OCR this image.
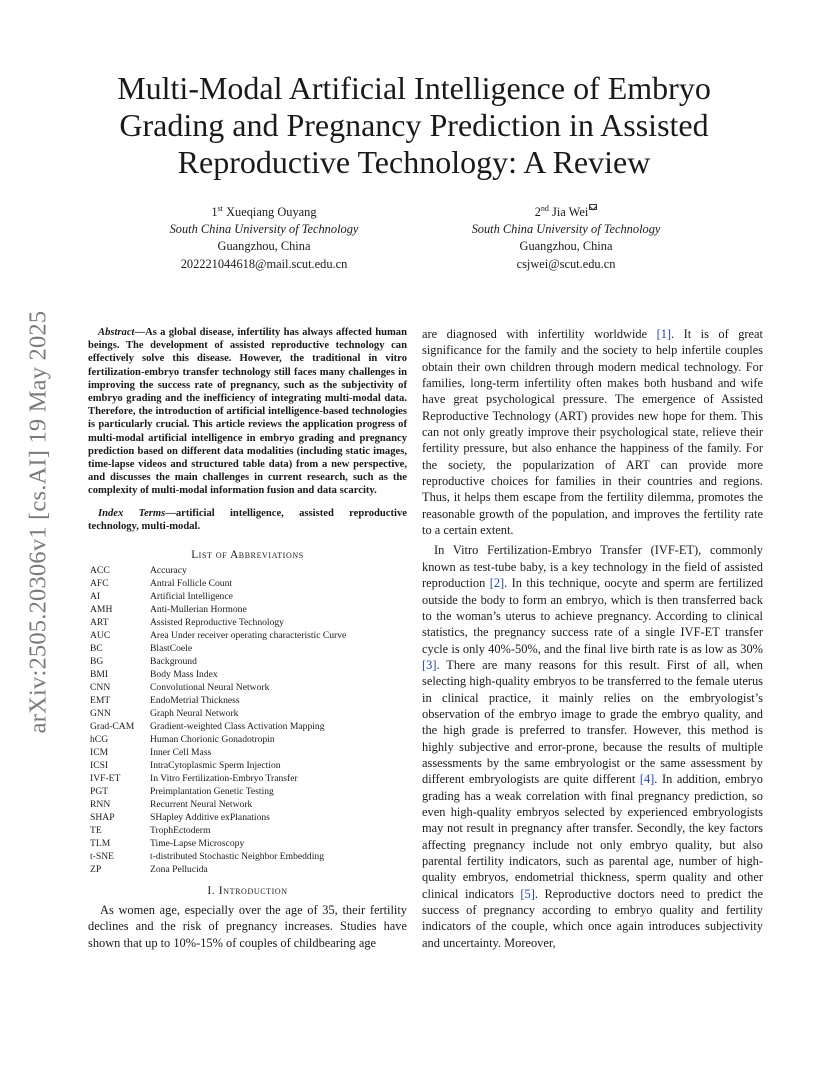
arXiv:2505.20306v1 [cs.AI] 19 May 2025
Multi-Modal Artificial Intelligence of Embryo Grading and Pregnancy Prediction in Assisted Reproductive Technology: A Review
1st Xueqiang Ouyang
South China University of Technology
Guangzhou, China
202221044618@mail.scut.edu.cn
2nd Jia Wei
South China University of Technology
Guangzhou, China
csjwei@scut.edu.cn

Abstract—As a global disease, infertility has always affected human beings. The development of assisted reproductive technology can effectively solve this disease. However, the traditional in vitro fertilization-embryo transfer technology still faces many challenges in improving the success rate of pregnancy, such as the subjectivity of embryo grading and the inefficiency of integrating multi-modal data. Therefore, the introduction of artificial intelligence-based technologies is particularly crucial. This article reviews the application progress of multi-modal artificial intelligence in embryo grading and pregnancy prediction based on different data modalities (including static images, time-lapse videos and structured table data) from a new perspective, and discusses the main challenges in current research, such as the complexity of multi-modal information fusion and data scarcity.

Index Terms—artificial intelligence, assisted reproductive technology, multi-modal.

List of Abbreviations
ACC	Accuracy
AFC	Antral Follicle Count
AI	Artificial Intelligence
AMH	Anti-Mullerian Hormone
ART	Assisted Reproductive Technology
AUC	Area Under receiver operating characteristic Curve
BC	BlastCoele
BG	Background
BMI	Body Mass Index
CNN	Convolutional Neural Network
EMT	EndoMetrial Thickness
GNN	Graph Neural Network
Grad-CAM	Gradient-weighted Class Activation Mapping
hCG	Human Chorionic Gonadotropin
ICM	Inner Cell Mass
ICSI	IntraCytoplasmic Sperm Injection
IVF-ET	In Vitro Fertilization-Embryo Transfer
PGT	Preimplantation Genetic Testing
RNN	Recurrent Neural Network
SHAP	SHapley Additive exPlanations
TE	TrophEctoderm
TLM	Time-Lapse Microscopy
t-SNE	t-distributed Stochastic Neighbor Embedding
ZP	Zona Pellucida
I. Introduction

As women age, especially over the age of 35, their fertility declines and the risk of pregnancy increases. Studies have shown that up to 10%-15% of couples of childbearing age

are diagnosed with infertility worldwide [1]. It is of great significance for the family and the society to help infertile couples obtain their own children through modern medical technology. For families, long-term infertility often makes both husband and wife have great psychological pressure. The emergence of Assisted Reproductive Technology (ART) provides new hope for them. This can not only greatly improve their psychological state, relieve their fertility pressure, but also enhance the happiness of the family. For the society, the popularization of ART can provide more reproductive choices for families in their countries and regions. Thus, it helps them escape from the fertility dilemma, promotes the reasonable growth of the population, and improves the fertility rate to a certain extent.

In Vitro Fertilization-Embryo Transfer (IVF-ET), commonly known as test-tube baby, is a key technology in the field of assisted reproduction [2]. In this technique, oocyte and sperm are fertilized outside the body to form an embryo, which is then transferred back to the woman’s uterus to achieve pregnancy. According to clinical statistics, the pregnancy success rate of a single IVF-ET transfer cycle is only 40%-50%, and the final live birth rate is as low as 30% [3]. There are many reasons for this result. First of all, when selecting high-quality embryos to be transferred to the female uterus in clinical practice, it mainly relies on the embryologist’s observation of the embryo image to grade the embryo quality, and the high grade is preferred to transfer. However, this method is highly subjective and error-prone, because the results of multiple assessments by the same embryologist or the same assessment by different embryologists are quite different [4]. In addition, embryo grading has a weak correlation with final pregnancy prediction, so even high-quality embryos selected by experienced embryologists may not result in pregnancy after transfer. Secondly, the key factors affecting pregnancy include not only embryo quality, but also parental fertility indicators, such as parental age, number of high-quality embryos, endometrial thickness, sperm quality and other clinical indicators [5]. Reproductive doctors need to predict the success of pregnancy according to embryo quality and fertility indicators of the couple, which once again introduces subjectivity and uncertainty. Moreover,
